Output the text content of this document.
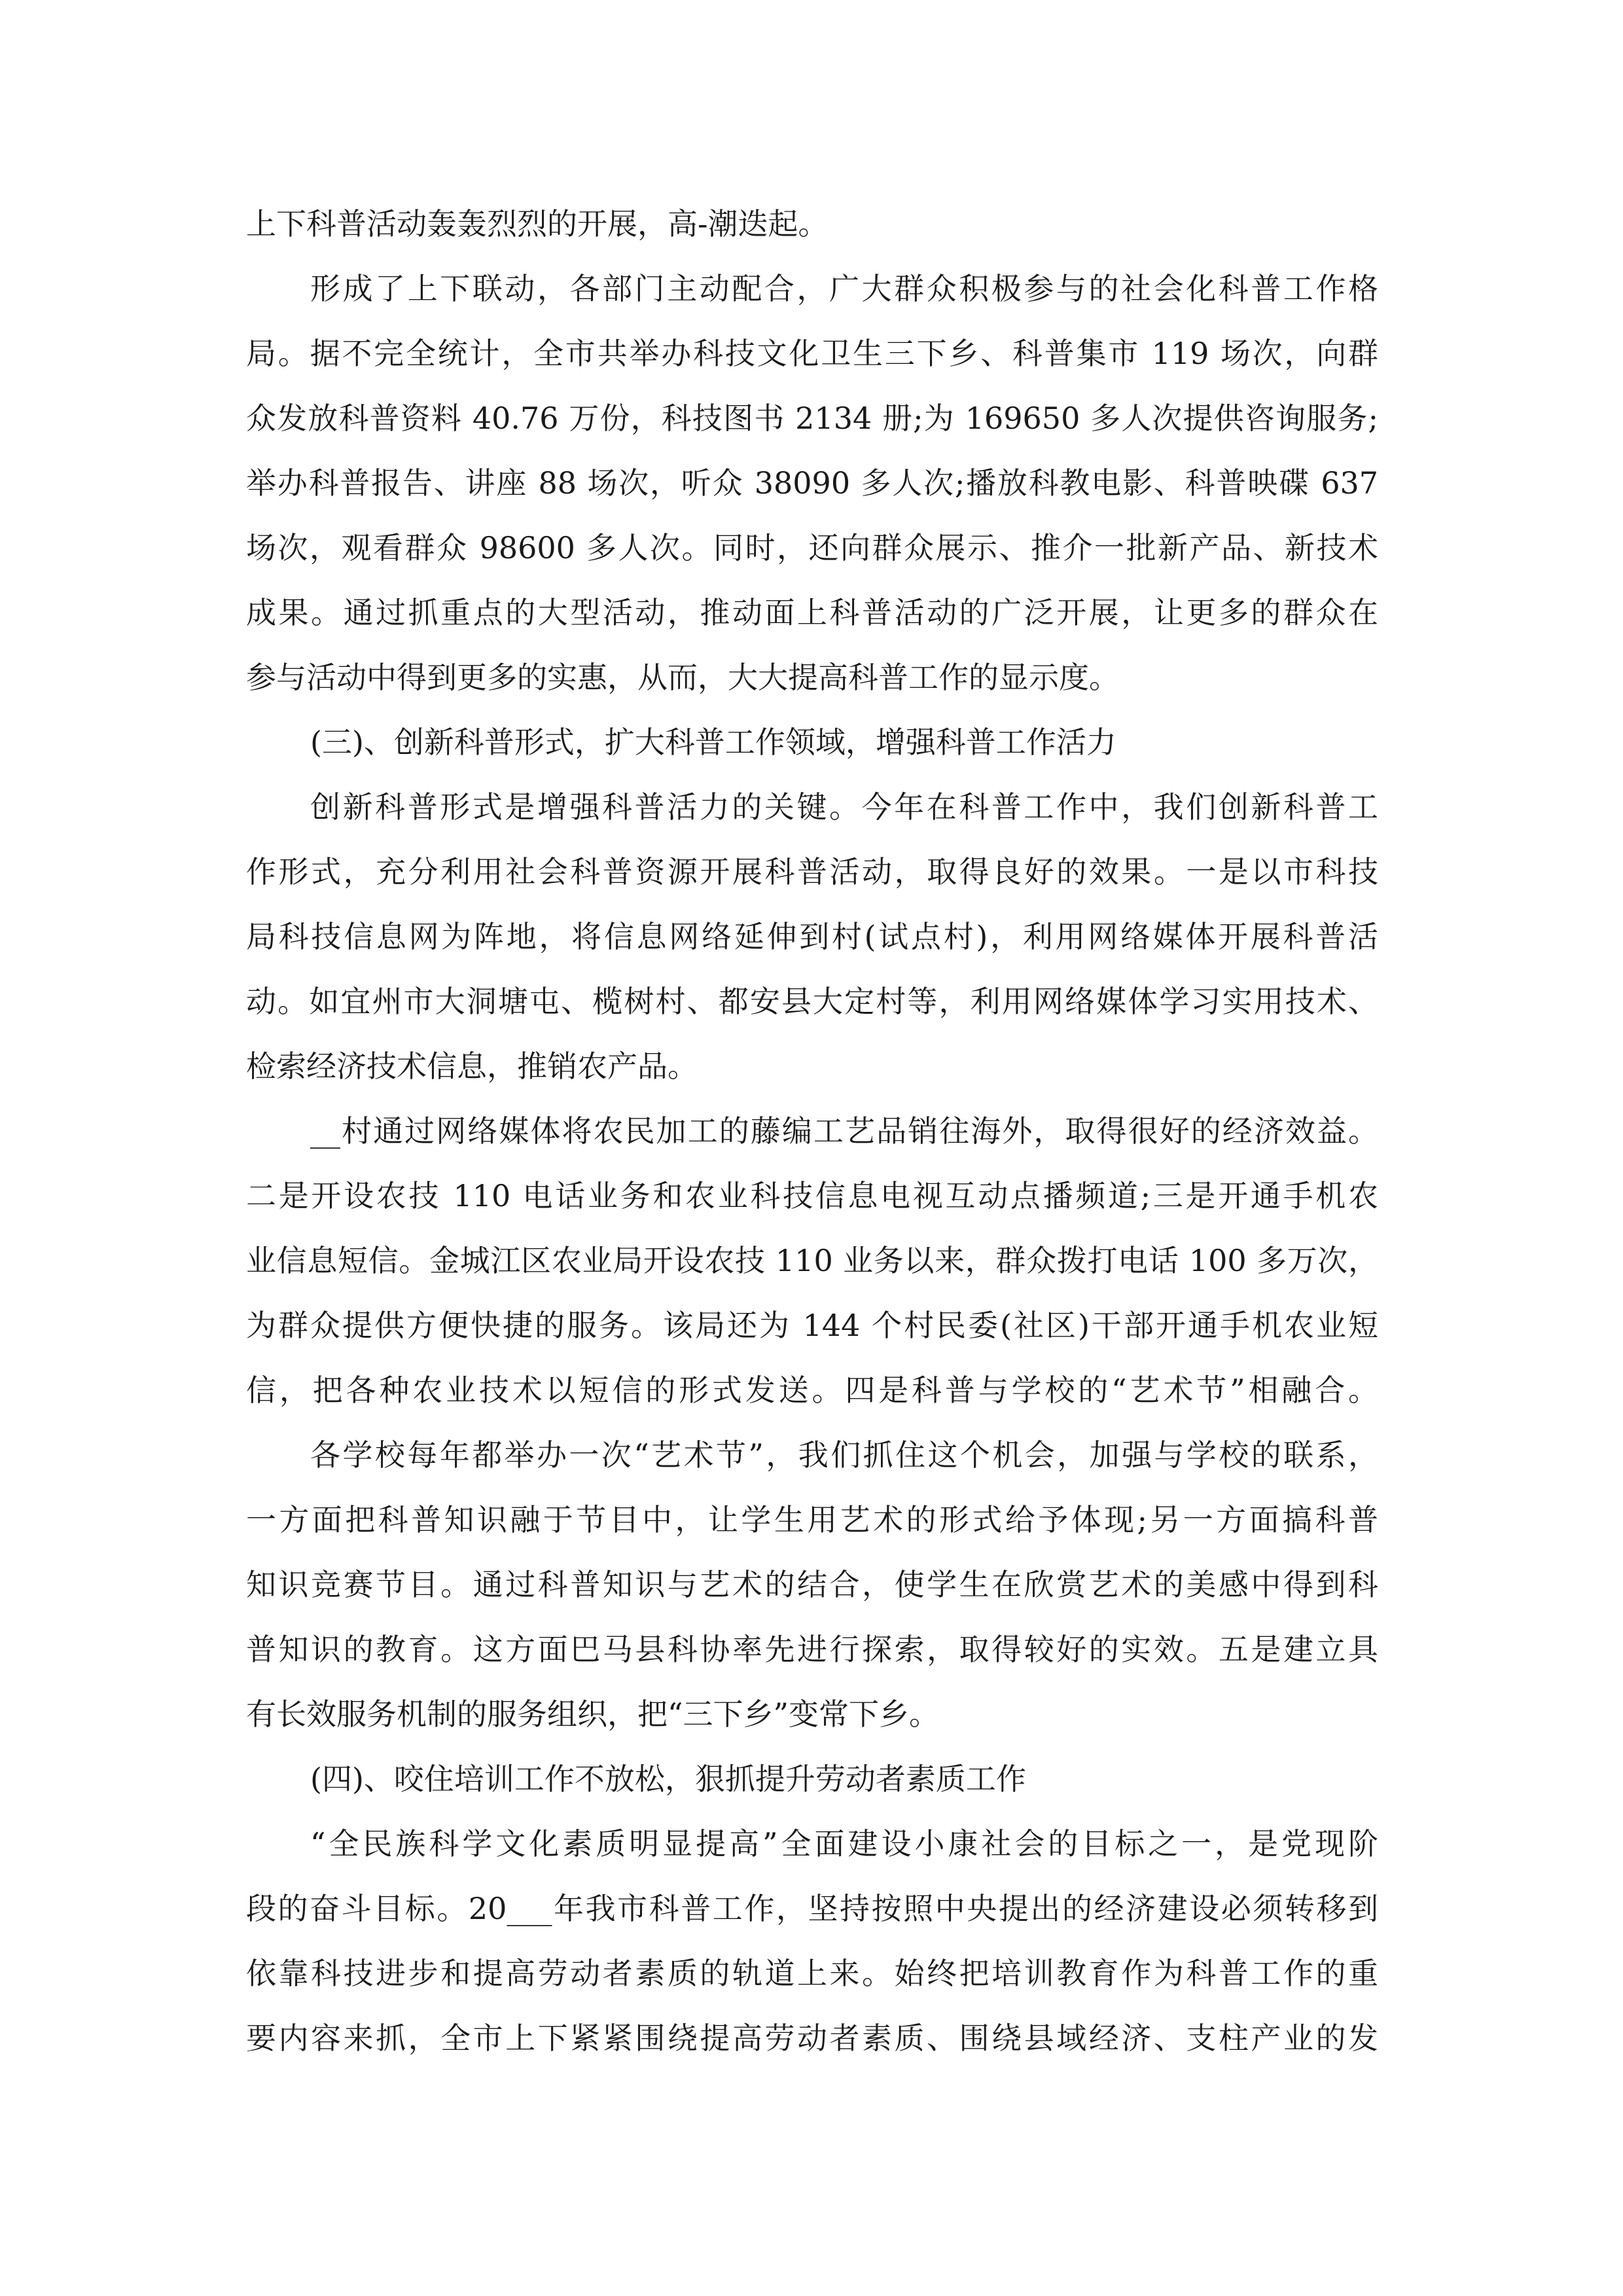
上下科普活动轰轰烈烈的开展，高-潮迭起。
形成了上下联动，各部门主动配合，广大群众积极参与的社会化科普工作格
局。据不完全统计，全市共举办科技文化卫生三下乡、科普集市 119 场次，向群
众发放科普资料 40.76 万份，科技图书 2134 册;为 169650 多人次提供咨询服务;
举办科普报告、讲座 88 场次，听众 38090 多人次;播放科教电影、科普映碟 637
场次，观看群众 98600 多人次。同时，还向群众展示、推介一批新产品、新技术
成果。通过抓重点的大型活动，推动面上科普活动的广泛开展，让更多的群众在
参与活动中得到更多的实惠，从而，大大提高科普工作的显示度。
(三)、创新科普形式，扩大科普工作领域，增强科普工作活力
创新科普形式是增强科普活力的关键。今年在科普工作中，我们创新科普工
作形式，充分利用社会科普资源开展科普活动，取得良好的效果。一是以市科技
局科技信息网为阵地，将信息网络延伸到村(试点村)，利用网络媒体开展科普活
动。如宜州市大洞塘屯、榄树村、都安县大定村等，利用网络媒体学习实用技术、
检索经济技术信息，推销农产品。
__村通过网络媒体将农民加工的藤编工艺品销往海外，取得很好的经济效益。
二是开设农技 110 电话业务和农业科技信息电视互动点播频道;三是开通手机农
业信息短信。金城江区农业局开设农技 110 业务以来，群众拨打电话 100 多万次，
为群众提供方便快捷的服务。该局还为 144 个村民委(社区)干部开通手机农业短
信，把各种农业技术以短信的形式发送。四是科普与学校的“艺术节”相融合。
各学校每年都举办一次“艺术节”，我们抓住这个机会，加强与学校的联系，
一方面把科普知识融于节目中，让学生用艺术的形式给予体现;另一方面搞科普
知识竞赛节目。通过科普知识与艺术的结合，使学生在欣赏艺术的美感中得到科
普知识的教育。这方面巴马县科协率先进行探索，取得较好的实效。五是建立具
有长效服务机制的服务组织，把“三下乡”变常下乡。
(四)、咬住培训工作不放松，狠抓提升劳动者素质工作
“全民族科学文化素质明显提高”全面建设小康社会的目标之一，是党现阶
段的奋斗目标。20___年我市科普工作，坚持按照中央提出的经济建设必须转移到
依靠科技进步和提高劳动者素质的轨道上来。始终把培训教育作为科普工作的重
要内容来抓，全市上下紧紧围绕提高劳动者素质、围绕县域经济、支柱产业的发
